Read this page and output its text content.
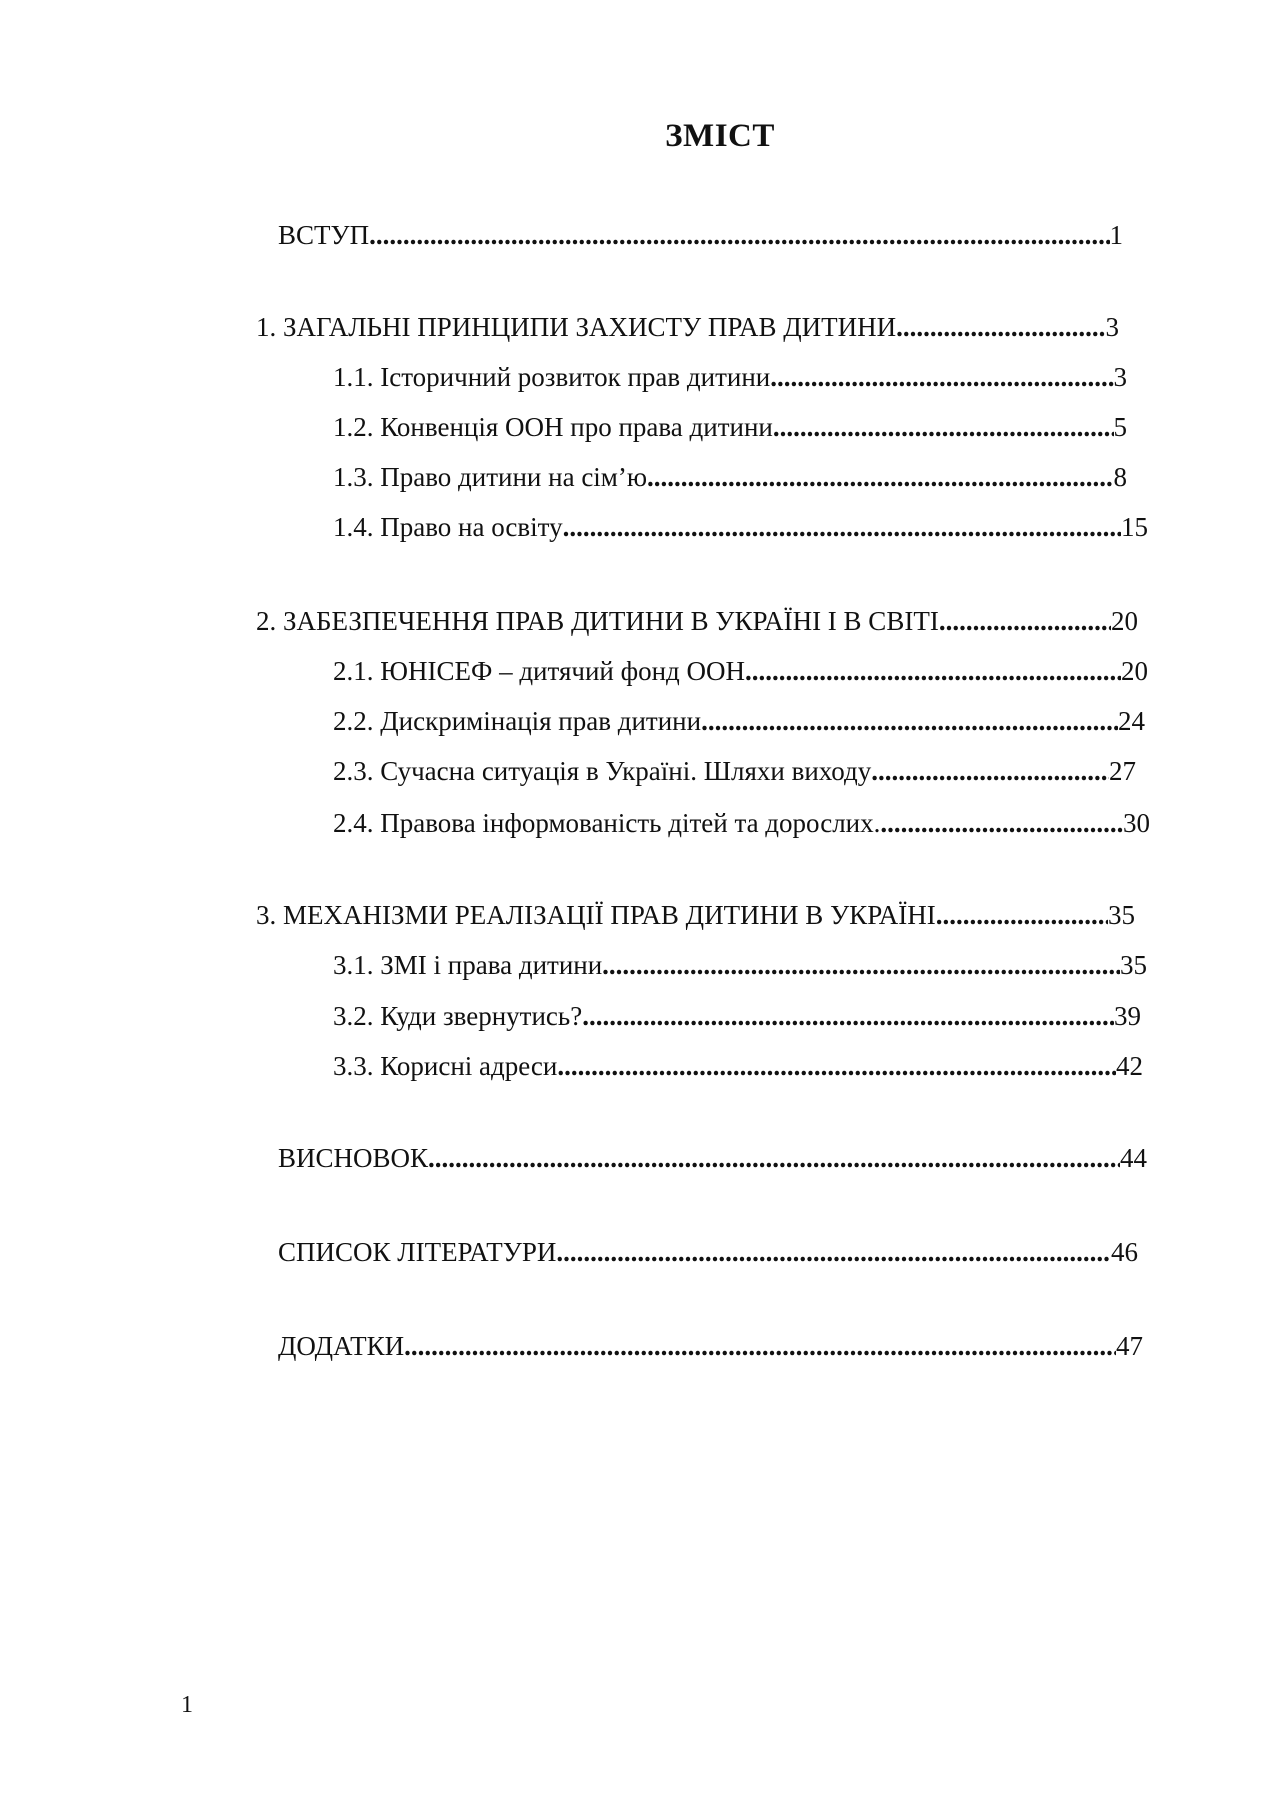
ЗМІСТ
ВСТУП .....	1
1. ЗАГАЛЬНІ ПРИНЦИПИ ЗАХИСТУ ПРАВ ДИТИНИ .....	3
1.1. Історичний розвиток прав дитини .....	3
1.2. Конвенція ООН про права дитини .....	5
1.3. Право дитини на сім’ю .....	8
1.4. Право на освіту .....	15
2. ЗАБЕЗПЕЧЕННЯ ПРАВ ДИТИНИ В УКРАЇНІ І В СВІТІ .....	20
2.1. ЮНІСЕФ – дитячий фонд ООН .....	20
2.2. Дискримінація прав дитини .....	24
2.3. Сучасна ситуація в Україні. Шляхи виходу .....	27
2.4. Правова інформованість дітей та дорослих. .....	30
3. МЕХАНІЗМИ РЕАЛІЗАЦІЇ ПРАВ ДИТИНИ В УКРАЇНІ .....	35
3.1. ЗМІ і права дитини .....	35
3.2. Куди звернутись? .....	39
3.3. Корисні адреси .....	42
ВИСНОВОК .....	44
СПИСОК ЛІТЕРАТУРИ .....	46
ДОДАТКИ .....	47
1
